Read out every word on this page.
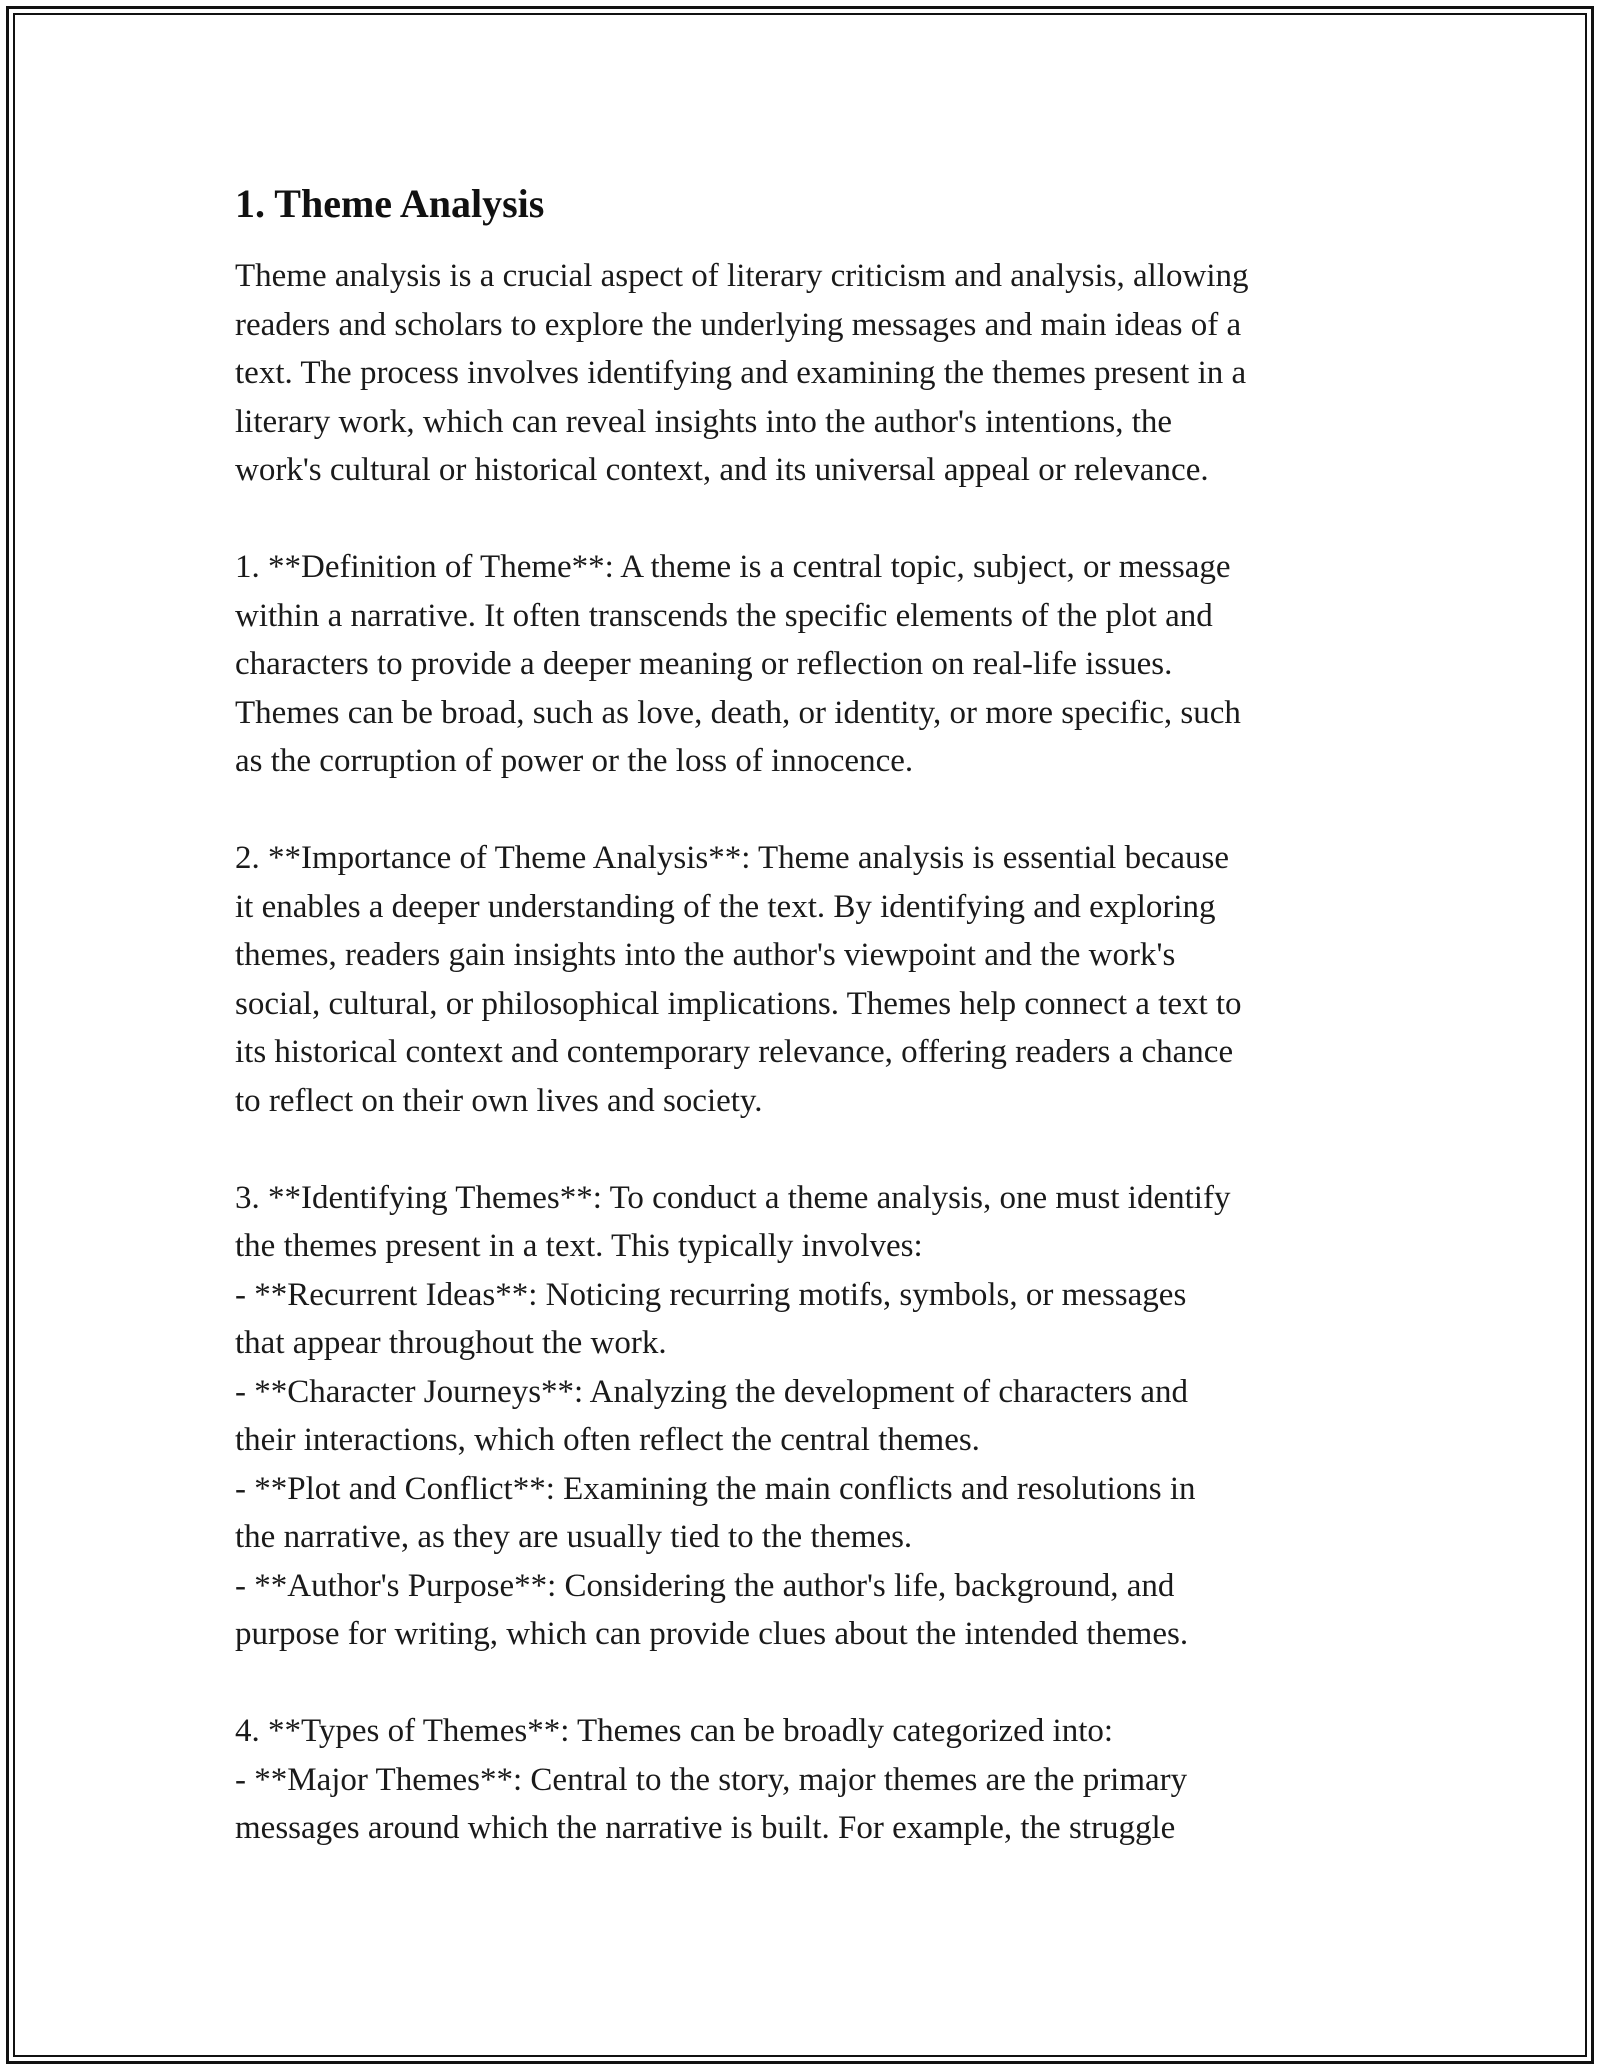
1. Theme Analysis

Theme analysis is a crucial aspect of literary criticism and analysis, allowing
readers and scholars to explore the underlying messages and main ideas of a
text. The process involves identifying and examining the themes present in a
literary work, which can reveal insights into the author's intentions, the
work's cultural or historical context, and its universal appeal or relevance.

1. **Definition of Theme**: A theme is a central topic, subject, or message
within a narrative. It often transcends the specific elements of the plot and
characters to provide a deeper meaning or reflection on real-life issues.
Themes can be broad, such as love, death, or identity, or more specific, such
as the corruption of power or the loss of innocence.

2. **Importance of Theme Analysis**: Theme analysis is essential because
it enables a deeper understanding of the text. By identifying and exploring
themes, readers gain insights into the author's viewpoint and the work's
social, cultural, or philosophical implications. Themes help connect a text to
its historical context and contemporary relevance, offering readers a chance
to reflect on their own lives and society.

3. **Identifying Themes**: To conduct a theme analysis, one must identify
the themes present in a text. This typically involves:
- **Recurrent Ideas**: Noticing recurring motifs, symbols, or messages
that appear throughout the work.
- **Character Journeys**: Analyzing the development of characters and
their interactions, which often reflect the central themes.
- **Plot and Conflict**: Examining the main conflicts and resolutions in
the narrative, as they are usually tied to the themes.
- **Author's Purpose**: Considering the author's life, background, and
purpose for writing, which can provide clues about the intended themes.

4. **Types of Themes**: Themes can be broadly categorized into:
- **Major Themes**: Central to the story, major themes are the primary
messages around which the narrative is built. For example, the struggle
